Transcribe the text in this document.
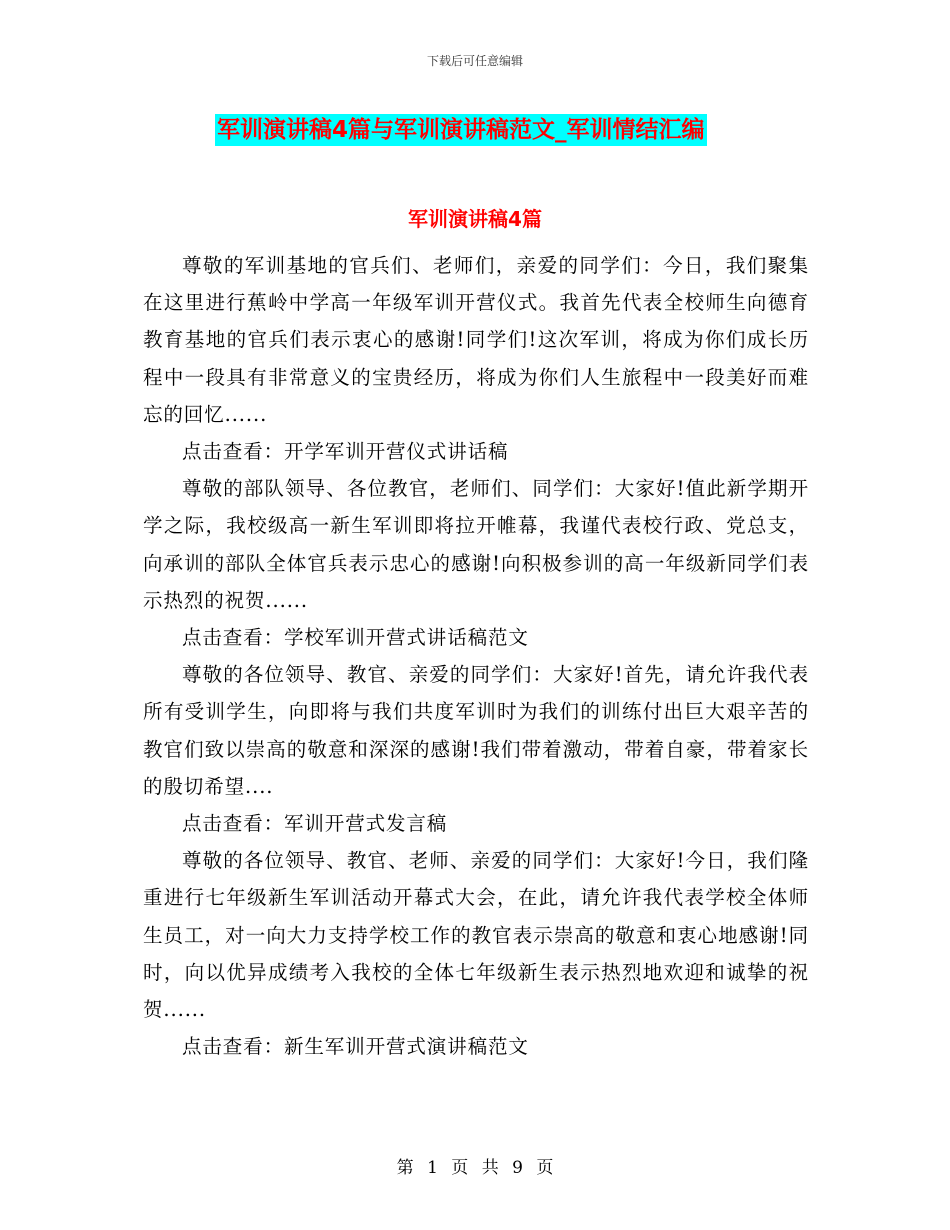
下载后可任意编辑
军训演讲稿4篇与军训演讲稿范文_军训情结汇编
军训演讲稿4篇

尊敬的军训基地的官兵们、老师们，亲爱的同学们：今日，我们聚集在这里进行蕉岭中学高一年级军训开营仪式。我首先代表全校师生向德育教育基地的官兵们表示衷心的感谢!同学们!这次军训，将成为你们成长历程中一段具有非常意义的宝贵经历，将成为你们人生旅程中一段美好而难忘的回忆......

点击查看：开学军训开营仪式讲话稿

尊敬的部队领导、各位教官，老师们、同学们：大家好!值此新学期开学之际，我校级高一新生军训即将拉开帷幕，我谨代表校行政、党总支，向承训的部队全体官兵表示忠心的感谢!向积极参训的高一年级新同学们表示热烈的祝贺......

点击查看：学校军训开营式讲话稿范文

尊敬的各位领导、教官、亲爱的同学们：大家好!首先，请允许我代表所有受训学生，向即将与我们共度军训时为我们的训练付出巨大艰辛苦的教官们致以崇高的敬意和深深的感谢!我们带着激动，带着自豪，带着家长的殷切希望....

点击查看：军训开营式发言稿

尊敬的各位领导、教官、老师、亲爱的同学们：大家好!今日，我们隆重进行七年级新生军训活动开幕式大会，在此，请允许我代表学校全体师生员工，对一向大力支持学校工作的教官表示崇高的敬意和衷心地感谢!同时，向以优异成绩考入我校的全体七年级新生表示热烈地欢迎和诚挚的祝贺......

点击查看：新生军训开营式演讲稿范文

第 1 页 共 9 页
